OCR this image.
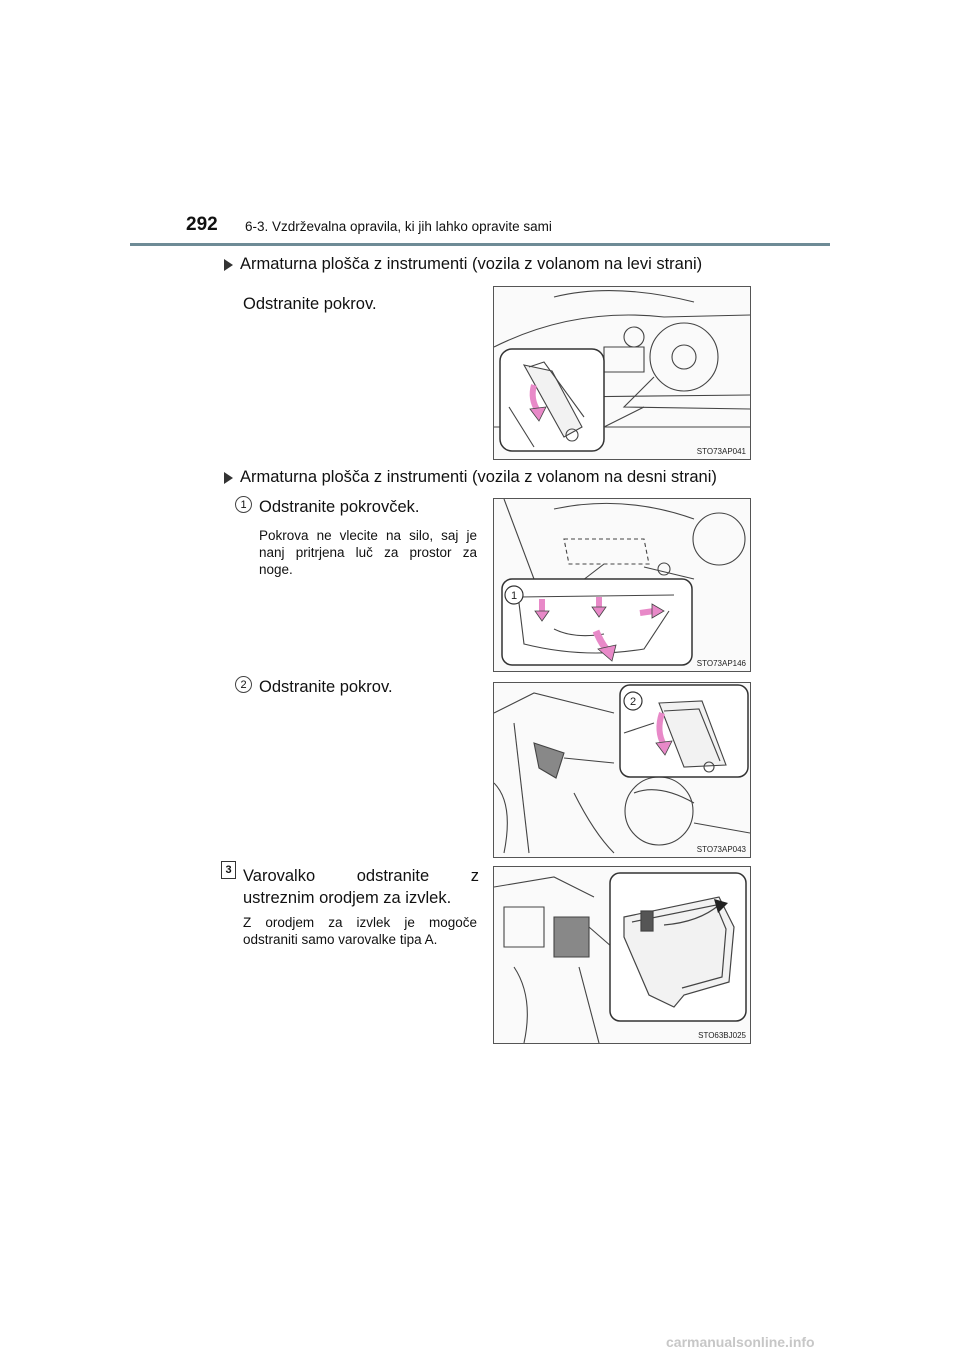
292 6-3. Vzdrževalna opravila, ki jih lahko opravite sami
Armaturna plošča z instrumenti (vozila z volanom na levi strani)
Odstranite pokrov.
STO73AP041
Armaturna plošča z instrumenti (vozila z volanom na desni strani)
1 Odstranite pokrovček.
Pokrova ne vlecite na silo, saj je nanj pritrjena luč za prostor za noge.
1
STO73AP146
2 Odstranite pokrov.
2
STO73AP043
3 Varovalko odstranite z
ustreznim orodjem za izvlek.
Z orodjem za izvlek je mogoče odstraniti samo varovalke tipa A.
STO63BJ025
carmanualsonline.info
